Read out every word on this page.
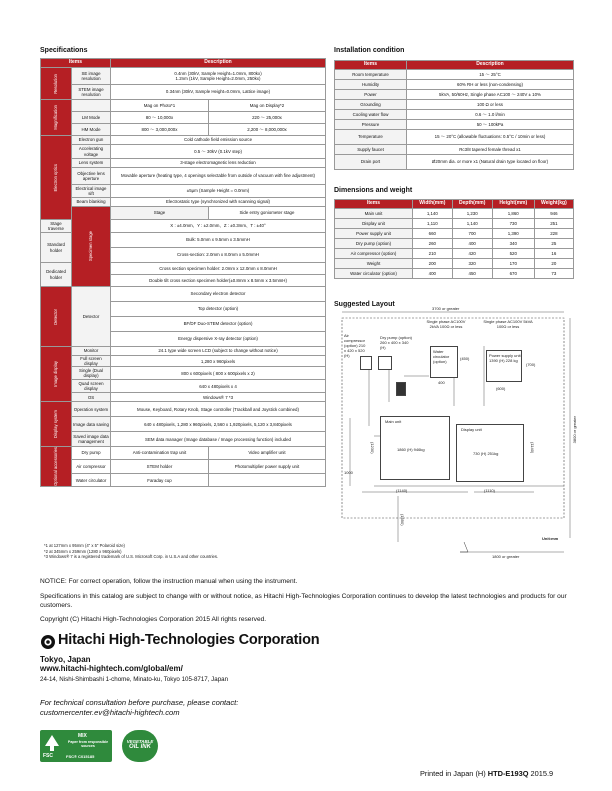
Specifications
Items		Description	

Resolution	SE image resolution	0.4nm (30kV, Sample Height=1.0mm, 800kx)
1.2nm (1kV, Sample Height=2.0mm, 250kx)	

	STEM image resolution	0.34nm (30kV, Sample Height=0.0mm, Lattice image)	

Magnification		Mag on Photo*1	Mag on Display*2
	LM Mode	80 ～ 10,000x	220 ～ 25,000x
	HM Mode	800 ～ 3,000,000x	2,200 ～ 8,000,000x

Electron optics	Electron gun	Cold cathode field emission source	
	Accelerating voltage	0.5 ～ 30kV (0.1kV step)	
	Lens system	3-stage electromagnetic lens reduction	
	Objective lens aperture	Movable aperture (heating type, 4 openings selectable from outside of vacuum with fine adjustment)	
	Electrical image sift	±5μm (Sample Height = 0.0mm)	
	Beam blanking	Electrostatic type (synchronized with scanning signal)	

	Specimen stage	Stage	Side entry goniometer stage
Stage traverse		X : ±4.0mm、Y : ±2.0mm、Z : ±0.3mm、T : ±40°	
Standard holder		Bulk: 5.0mm x 9.5mm x 3.5mmH	
		Cross-section: 2.0mm x 8.0mm x 5.0mmH	
Dedicated holder		Cross section specimen holder: 2.0mm x 12.0mm x 8.0mmH	
		Double tilt cross section specimen holder(±0.8mm x 8.5mm x 3.5mmH)	

Detector	Detector	Secondary electron detector	
		Top detector (option)	
		BF/DF Duo-STEM detector (option)	
		Energy dispersive X-ray detector (option)	

Image display	Monitor	24.1 type wide screen LCD (subject to change without notice)	
	Full screen display	1,280 x 960pixels	
	Single (Dual display)	800 x 600pixels ( 800 x 600pixels x 2)	
	Quad screen display	640 x 480pixels x 4	
	OS	Windows® 7 *3	

Display system	Operation system	Mouse, Keyboard, Rotary Knob, Stage controller (Trackball and Joystick combined)	
	Image data saving	640 x 480pixels, 1,280 x 960pixels, 2,560 x 1,920pixels, 5,120 x 3,840pixels	
	Saved image data management	SEM data manager (Image database / Image processing function) included	

Optional accessories	Dry pump	Anti-contamination trap unit	Video amplifier unit
	Air compressor	STEM holder	Photomultiplier power supply unit
	Water circulator	Faraday cup	
*1 at 127mm x 95mm (4" x 5" Polaroid size)
*2 at 345mm x 259mm (1280 x 960pixels)
*3 Windows® 7 is a registered trademark of U.S. Microsoft Corp. in U.S.A and other countries.
Installation condition
Items	Description
Room temperature	15 ～ 25°C
Humidity	60% RH or less (non-condensing)
Power	5kVA, 50/60Hz, Single phase AC100 ～ 240V ± 10%
Grounding	100 Ω or less
Cooling water flow	0.6 ～ 1.0 l/min
Pressure	50 ～ 100kPa
Temperature	15 ～ 20°C (allowable fluctuations: 0.5°C / 10min or less)
Supply faucet	Rc3/8 tapered female thread x1
Drain port	Ø20mm dia. or more x1 (Natural drain type located on floor)
Dimensions and weight
Items	Width(mm)	Depth(mm)	Height(mm)	Weight(kg)
Main unit	1,140	1,230	1,860	946
Display unit	1,110	1,140	730	251
Power supply unit	660	700	1,390	228
Dry pump (option)	260	400	340	25
Air compressor (option)	210	420	520	16
Weight	200	320	170	20
Water circulator (option)	400	450	670	73
Suggested Layout
3700 or greater
3800 or greater
1800 or greater
1000
Unit:mm
Single phase AC100V 2kVA 100Ω or less
Single phase AC100V 5kVA 100Ω or less
Air compressor (option) 210 x 420 x 520 (H)
Dry pump (option) 260 x 400 x 340 (H)
Water circulator (option)
(450)
400
Power supply unit 1390 (H) 228 kg
(700)
(600)
Main unit
1860 (H) 946kg
(1230)
Display unit
730 (H) 251kg
(1140)
(1140)	(1110)
(1650)
NOTICE: For correct operation, follow the instruction manual when using the instrument.
Specifications in this catalog are subject to change with or without notice, as Hitachi High-Technologies Corporation continues to develop the latest technologies and products for our customers.
Copyright (C) Hitachi High-Technologies Corporation 2015 All rights reserved.
Hitachi High-Technologies Corporation
Tokyo, Japan
www.hitachi-hightech.com/global/em/
24-14, Nishi-Shimbashi 1-chome, Minato-ku, Tokyo 105-8717, Japan
For technical consultation before purchase, please contact:
customercenter.ev@hitachi-hightech.com
FSC
MIX
Paper from responsible sources
FSC® C015185
VEGETABLE
OIL INK
Printed in Japan (H) HTD-E193Q 2015.9
